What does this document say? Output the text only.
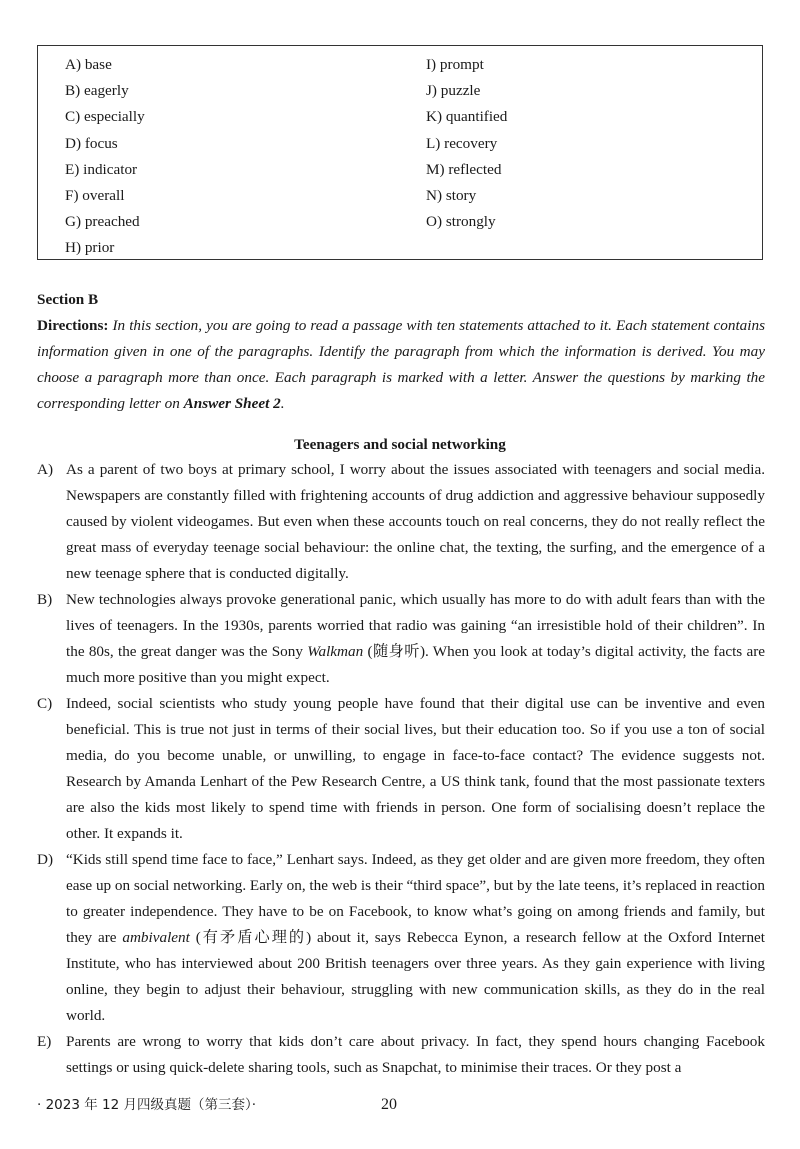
A) base
B) eagerly
C) especially
D) focus
E) indicator
F) overall
G) preached
H) prior
I) prompt
J) puzzle
K) quantified
L) recovery
M) reflected
N) story
O) strongly
Section B
Directions: In this section, you are going to read a passage with ten statements attached to it. Each statement contains information given in one of the paragraphs. Identify the paragraph from which the information is derived. You may choose a paragraph more than once. Each paragraph is marked with a letter. Answer the questions by marking the corresponding letter on Answer Sheet 2.
Teenagers and social networking

A) As a parent of two boys at primary school, I worry about the issues associated with teenagers and social media. Newspapers are constantly filled with frightening accounts of drug addiction and aggressive behaviour supposedly caused by violent videogames. But even when these accounts touch on real concerns, they do not really reflect the great mass of everyday teenage social behaviour: the online chat, the texting, the surfing, and the emergence of a new teenage sphere that is conducted digitally.

B) New technologies always provoke generational panic, which usually has more to do with adult fears than with the lives of teenagers. In the 1930s, parents worried that radio was gaining “an irresistible hold of their children”. In the 80s, the great danger was the Sony Walkman (随身听). When you look at today’s digital activity, the facts are much more positive than you might expect.

C) Indeed, social scientists who study young people have found that their digital use can be inventive and even beneficial. This is true not just in terms of their social lives, but their education too. So if you use a ton of social media, do you become unable, or unwilling, to engage in face-to-face contact? The evidence suggests not. Research by Amanda Lenhart of the Pew Research Centre, a US think tank, found that the most passionate texters are also the kids most likely to spend time with friends in person. One form of socialising doesn’t replace the other. It expands it.

D) “Kids still spend time face to face,” Lenhart says. Indeed, as they get older and are given more freedom, they often ease up on social networking. Early on, the web is their “third space”, but by the late teens, it’s replaced in reaction to greater independence. They have to be on Facebook, to know what’s going on among friends and family, but they are ambivalent (有矛盾心理的) about it, says Rebecca Eynon, a research fellow at the Oxford Internet Institute, who has interviewed about 200 British teenagers over three years. As they gain experience with living online, they begin to adjust their behaviour, struggling with new communication skills, as they do in the real world.

E) Parents are wrong to worry that kids don’t care about privacy. In fact, they spend hours changing Facebook settings or using quick-delete sharing tools, such as Snapchat, to minimise their traces. Or they post a

· 2023 年 12 月四级真题（第三套）·	20
